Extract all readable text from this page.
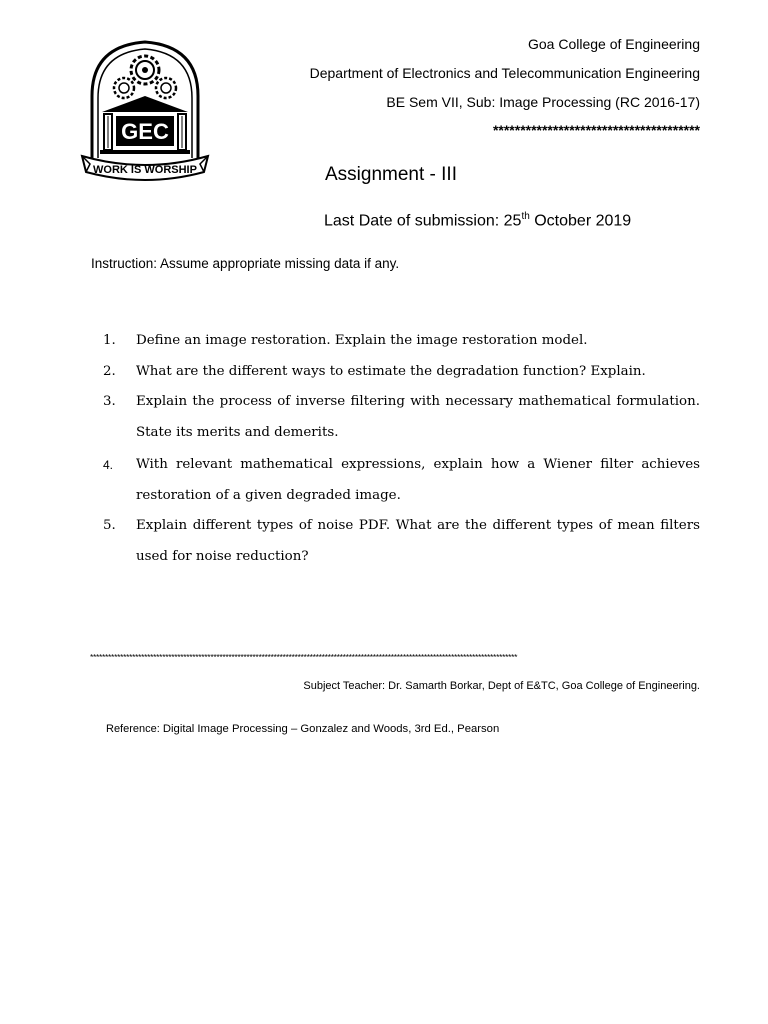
GEC
WORK IS WORSHIP
Goa College of Engineering
Department of Electronics and Telecommunication Engineering
BE Sem VII, Sub: Image Processing (RC 2016-17)
**************************************
Assignment - III
Last Date of submission: 25th October 2019
Instruction: Assume appropriate missing data if any.
1.	Define an image restoration. Explain the image restoration model.
2.	What are the different ways to estimate the degradation function? Explain.
3.	Explain the process of inverse filtering with necessary mathematical formulation. State its merits and demerits.
4.	With relevant mathematical expressions, explain how a Wiener filter achieves restoration of a given degraded image.
5.	Explain different types of noise PDF. What are the different types of mean filters used for noise reduction?
**********************************************************************************************************************************************
Subject Teacher: Dr. Samarth Borkar, Dept of E&TC, Goa College of Engineering.
Reference: Digital Image Processing – Gonzalez and Woods, 3rd Ed., Pearson
